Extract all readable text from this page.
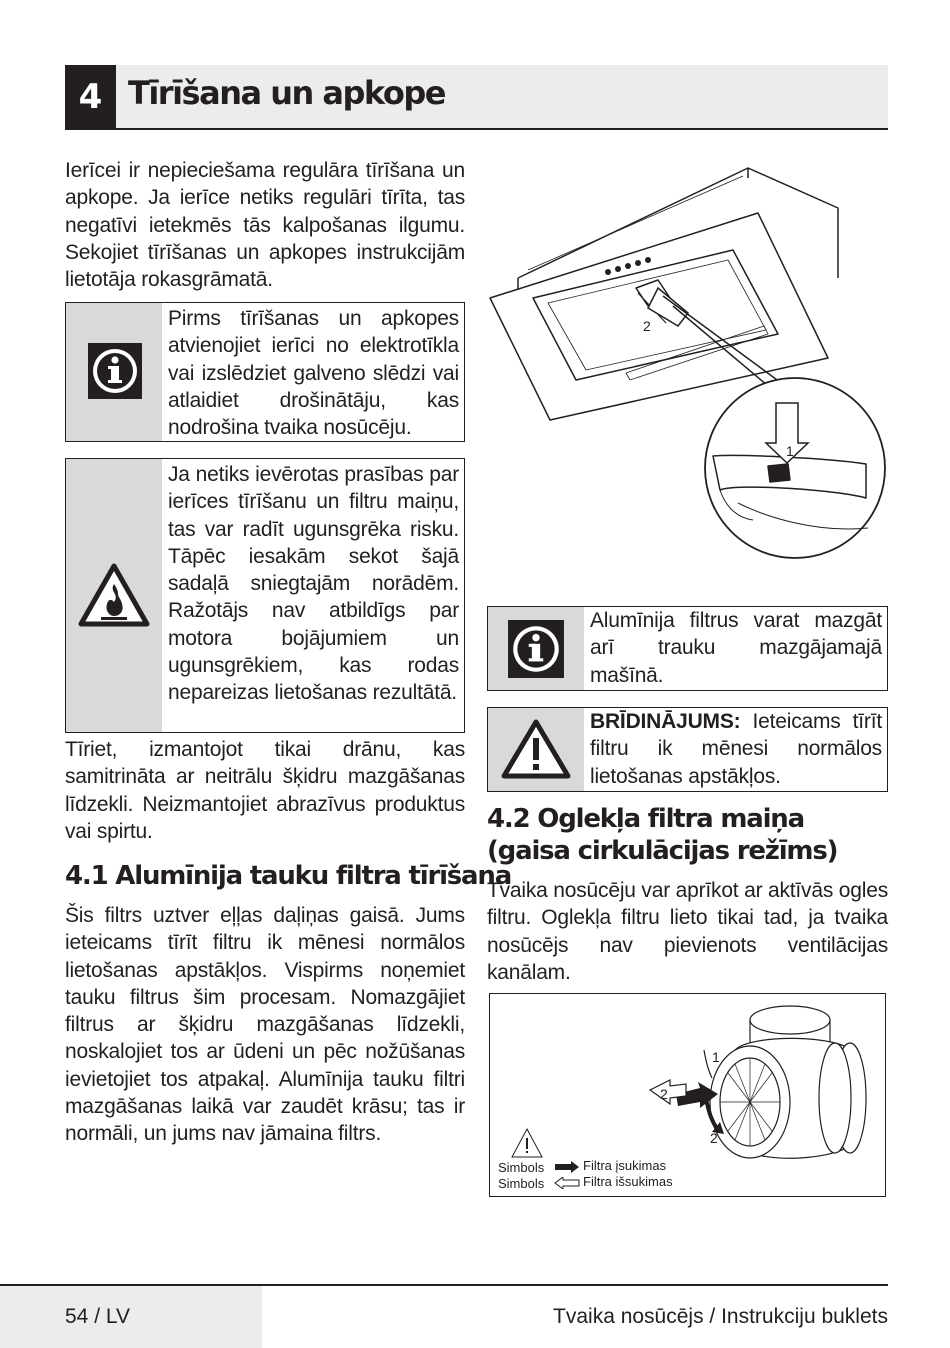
4 Tīrīšana un apkope
Ierīcei ir nepieciešama regulāra tīrīšana un apkope. Ja ierīce netiks regulāri tīrīta, tas negatīvi ietekmēs tās kalpošanas ilgumu. Sekojiet tīrīšanas un apkopes instrukcijām lietotāja rokasgrāmatā.
Pirms tīrīšanas un apkopes atvienojiet ierīci no elektrotīkla vai izslēdziet galveno slēdzi vai atlaidiet drošinātāju, kas nodrošina tvaika nosūcēju.
Ja netiks ievērotas prasības par ierīces tīrīšanu un filtru maiņu, tas var radīt ugunsgrēka risku. Tāpēc iesakām sekot šajā sadaļā sniegtajām norādēm. Ražotājs nav atbildīgs par motora bojājumiem un ugunsgrēkiem, kas rodas nepareizas lietošanas rezultātā.
Tīriet, izmantojot tikai drānu, kas samitrināta ar neitrālu šķidru mazgāšanas līdzekli. Neizmantojiet abrazīvus produktus vai spirtu.
4.1 Alumīnija tauku filtra tīrīšana
Šis filtrs uztver eļļas daļiņas gaisā. Jums ieteicams tīrīt filtru ik mēnesi normālos lietošanas apstākļos. Vispirms noņemiet tauku filtrus šim procesam. Nomazgājiet filtrus ar šķidru mazgāšanas līdzekli, noskalojiet tos ar ūdeni un pēc nožūšanas ievietojiet tos atpakaļ. Alumīnija tauku filtri mazgāšanas laikā var zaudēt krāsu; tas ir normāli, un jums nav jāmaina filtrs.
2
1
Alumīnija filtrus varat mazgāt arī trauku mazgājamajā mašīnā.
BRĪDINĀJUMS: Ieteicams tīrīt filtru ik mēnesi normālos lietošanas apstākļos.
4.2 Oglekļa filtra maiņa (gaisa cirkulācijas režīms)
Tvaika nosūcēju var aprīkot ar aktīvās ogles filtru. Oglekļa filtru lieto tikai tad, ja tvaika nosūcējs nav pievienots ventilācijas kanālam.
1
2
2
Simbols
Simbols
Filtra įsukimas
Filtra išsukimas
54 / LV	Tvaika nosūcējs / Instrukciju buklets
